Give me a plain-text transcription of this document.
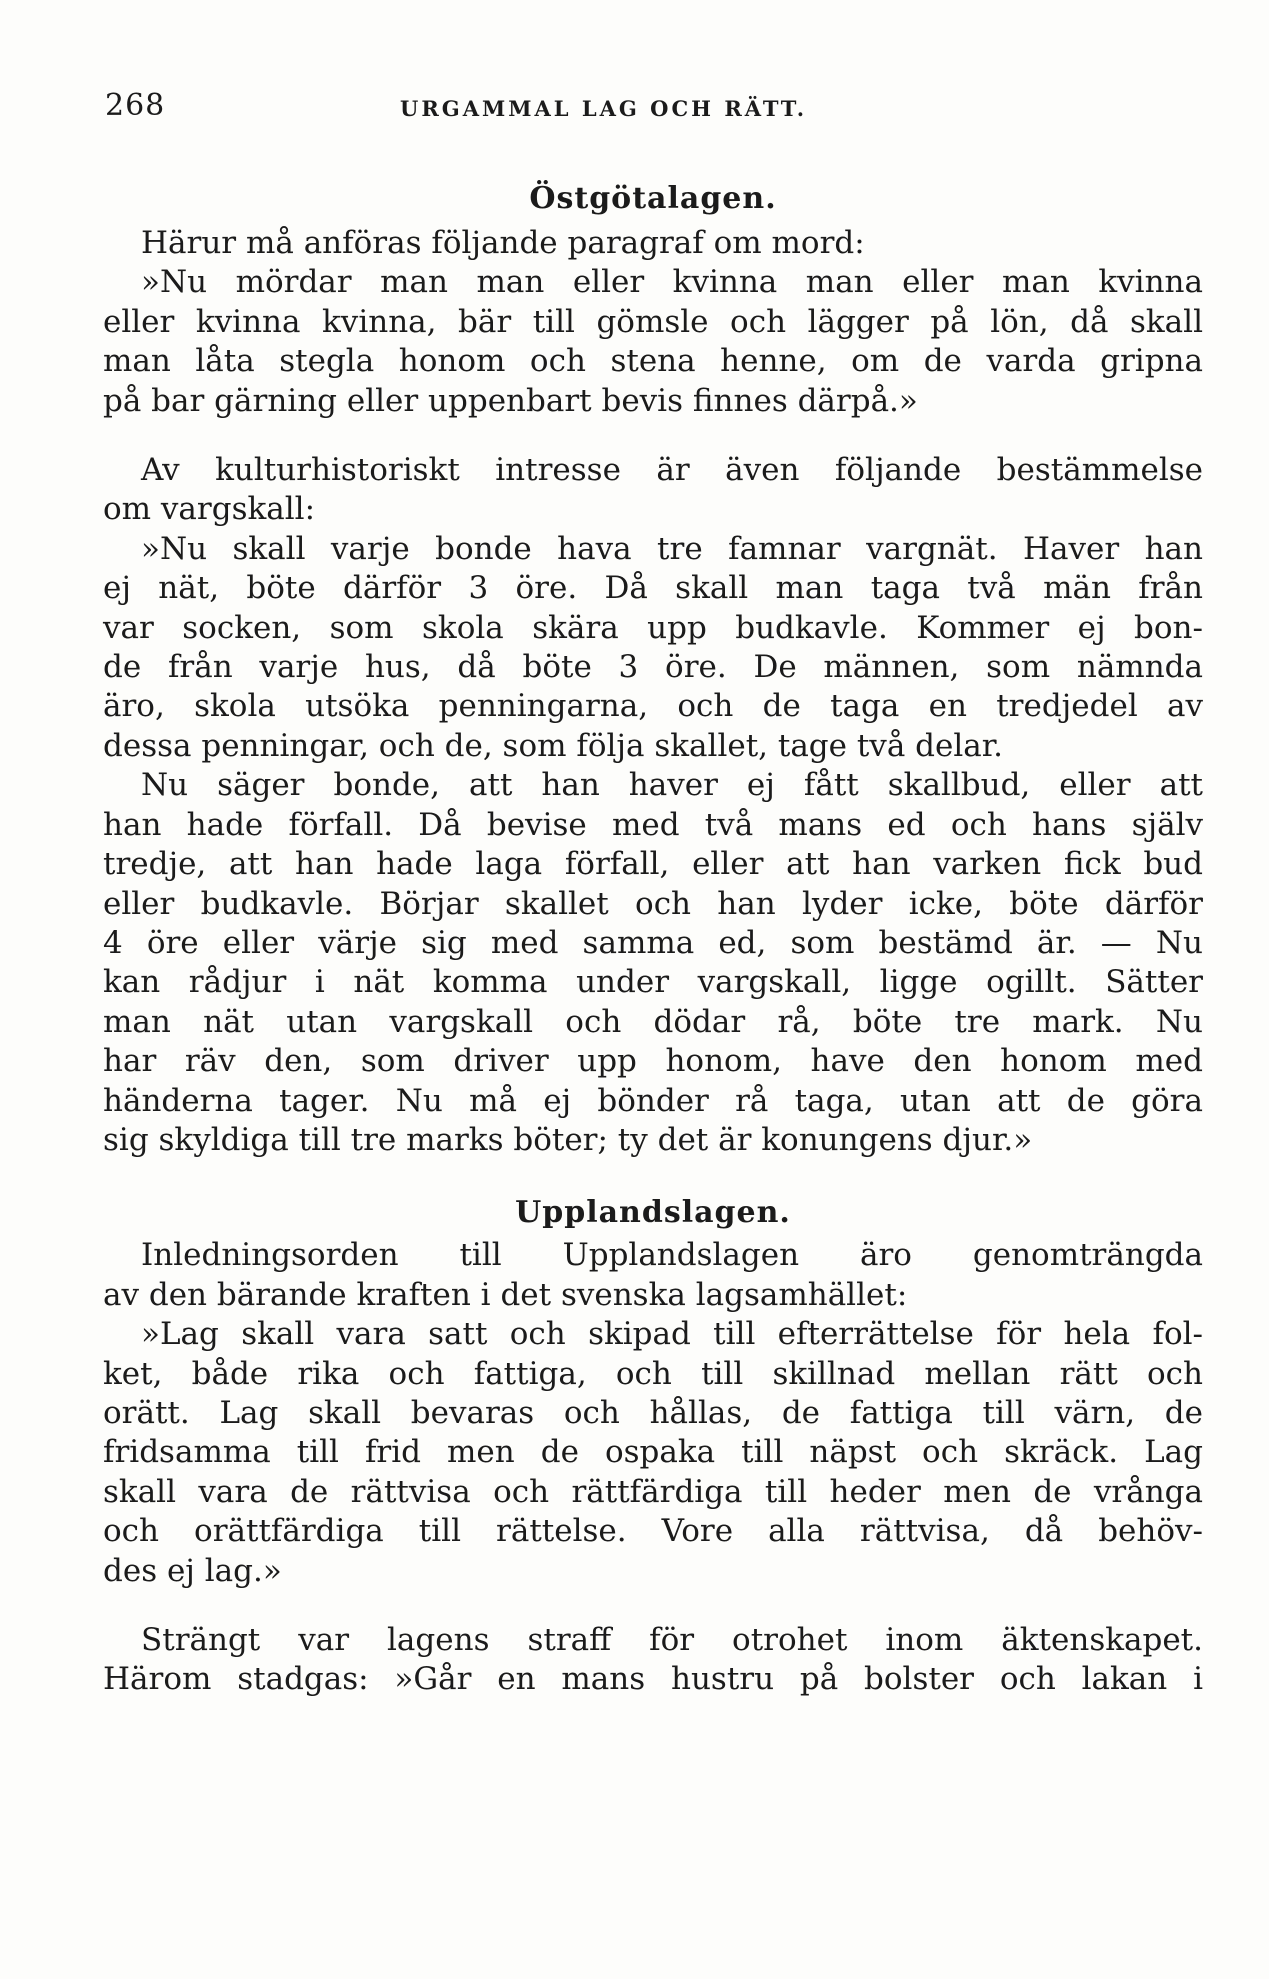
268	URGAMMAL LAG OCH RÄTT.
Östgötalagen.
Härur må anföras följande paragraf om mord:
»Nu mördar man man eller kvinna man eller man kvinna
eller kvinna kvinna, bär till gömsle och lägger på lön, då skall
man låta stegla honom och stena henne, om de varda gripna
på bar gärning eller uppenbart bevis finnes därpå.»
Av kulturhistoriskt intresse är även följande bestämmelse
om vargskall:
»Nu skall varje bonde hava tre famnar vargnät. Haver han
ej nät, böte därför 3 öre. Då skall man taga två män från
var socken, som skola skära upp budkavle. Kommer ej bon-
de från varje hus, då böte 3 öre. De männen, som nämnda
äro, skola utsöka penningarna, och de taga en tredjedel av
dessa penningar, och de, som följa skallet, tage två delar.
Nu säger bonde, att han haver ej fått skallbud, eller att
han hade förfall. Då bevise med två mans ed och hans själv
tredje, att han hade laga förfall, eller att han varken fick bud
eller budkavle. Börjar skallet och han lyder icke, böte därför
4 öre eller värje sig med samma ed, som bestämd är. — Nu
kan rådjur i nät komma under vargskall, ligge ogillt. Sätter
man nät utan vargskall och dödar rå, böte tre mark. Nu
har räv den, som driver upp honom, have den honom med
händerna tager. Nu må ej bönder rå taga, utan att de göra
sig skyldiga till tre marks böter; ty det är konungens djur.»
Upplandslagen.
Inledningsorden till Upplandslagen äro genomträngda
av den bärande kraften i det svenska lagsamhället:
»Lag skall vara satt och skipad till efterrättelse för hela fol-
ket, både rika och fattiga, och till skillnad mellan rätt och
orätt. Lag skall bevaras och hållas, de fattiga till värn, de
fridsamma till frid men de ospaka till näpst och skräck. Lag
skall vara de rättvisa och rättfärdiga till heder men de vrånga
och orättfärdiga till rättelse. Vore alla rättvisa, då behöv-
des ej lag.»
Strängt var lagens straff för otrohet inom äktenskapet.
Härom stadgas: »Går en mans hustru på bolster och lakan i
